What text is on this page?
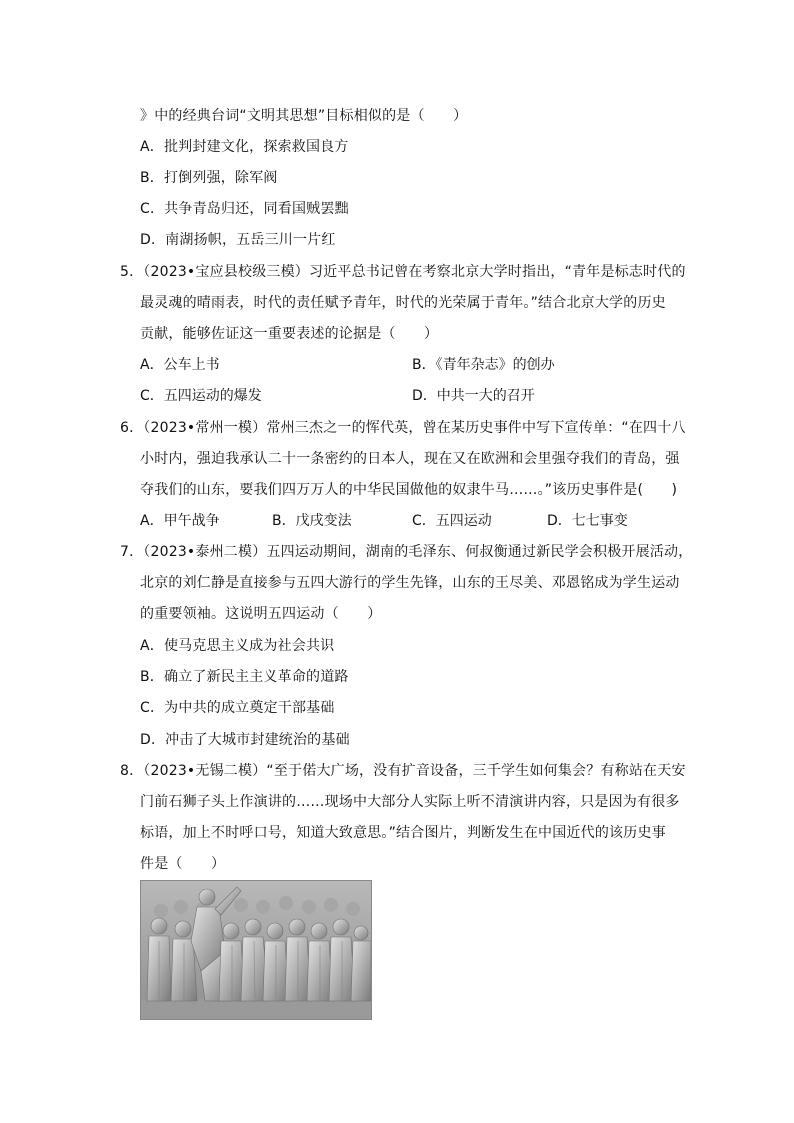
》中的经典台词“文明其思想”目标相似的是（　　）
A．批判封建文化，探索救国良方
B．打倒列强，除军阀
C．共争青岛归还，同看国贼罢黜
D．南湖扬帜，五岳三川一片红
5．（2023•宝应县校级三模）习近平总书记曾在考察北京大学时指出，“青年是标志时代的
最灵魂的晴雨表，时代的责任赋予青年，时代的光荣属于青年。”结合北京大学的历史
贡献，能够佐证这一重要表述的论据是（　　）
A．公车上书	B．《青年杂志》的创办
C．五四运动的爆发	D．中共一大的召开
6．（2023•常州一模）常州三杰之一的恽代英，曾在某历史事件中写下宣传单：“在四十八
小时内，强迫我承认二十一条密约的日本人，现在又在欧洲和会里强夺我们的青岛，强
夺我们的山东，要我们四万万人的中华民国做他的奴隶牛马……。”该历史事件是(　　)
A．甲午战争	B．戊戌变法	C．五四运动	D．七七事变
7．（2023•泰州二模）五四运动期间，湖南的毛泽东、何叔衡通过新民学会积极开展活动，
北京的刘仁静是直接参与五四大游行的学生先锋，山东的王尽美、邓恩铭成为学生运动
的重要领袖。这说明五四运动（　　）
A．使马克思主义成为社会共识
B．确立了新民主主义革命的道路
C．为中共的成立奠定干部基础
D．冲击了大城市封建统治的基础
8．（2023•无锡二模）“至于偌大广场，没有扩音设备，三千学生如何集会？有称站在天安
门前石狮子头上作演讲的……现场中大部分人实际上听不清演讲内容，只是因为有很多
标语，加上不时呼口号，知道大致意思。”结合图片，判断发生在中国近代的该历史事
件是（　　）
